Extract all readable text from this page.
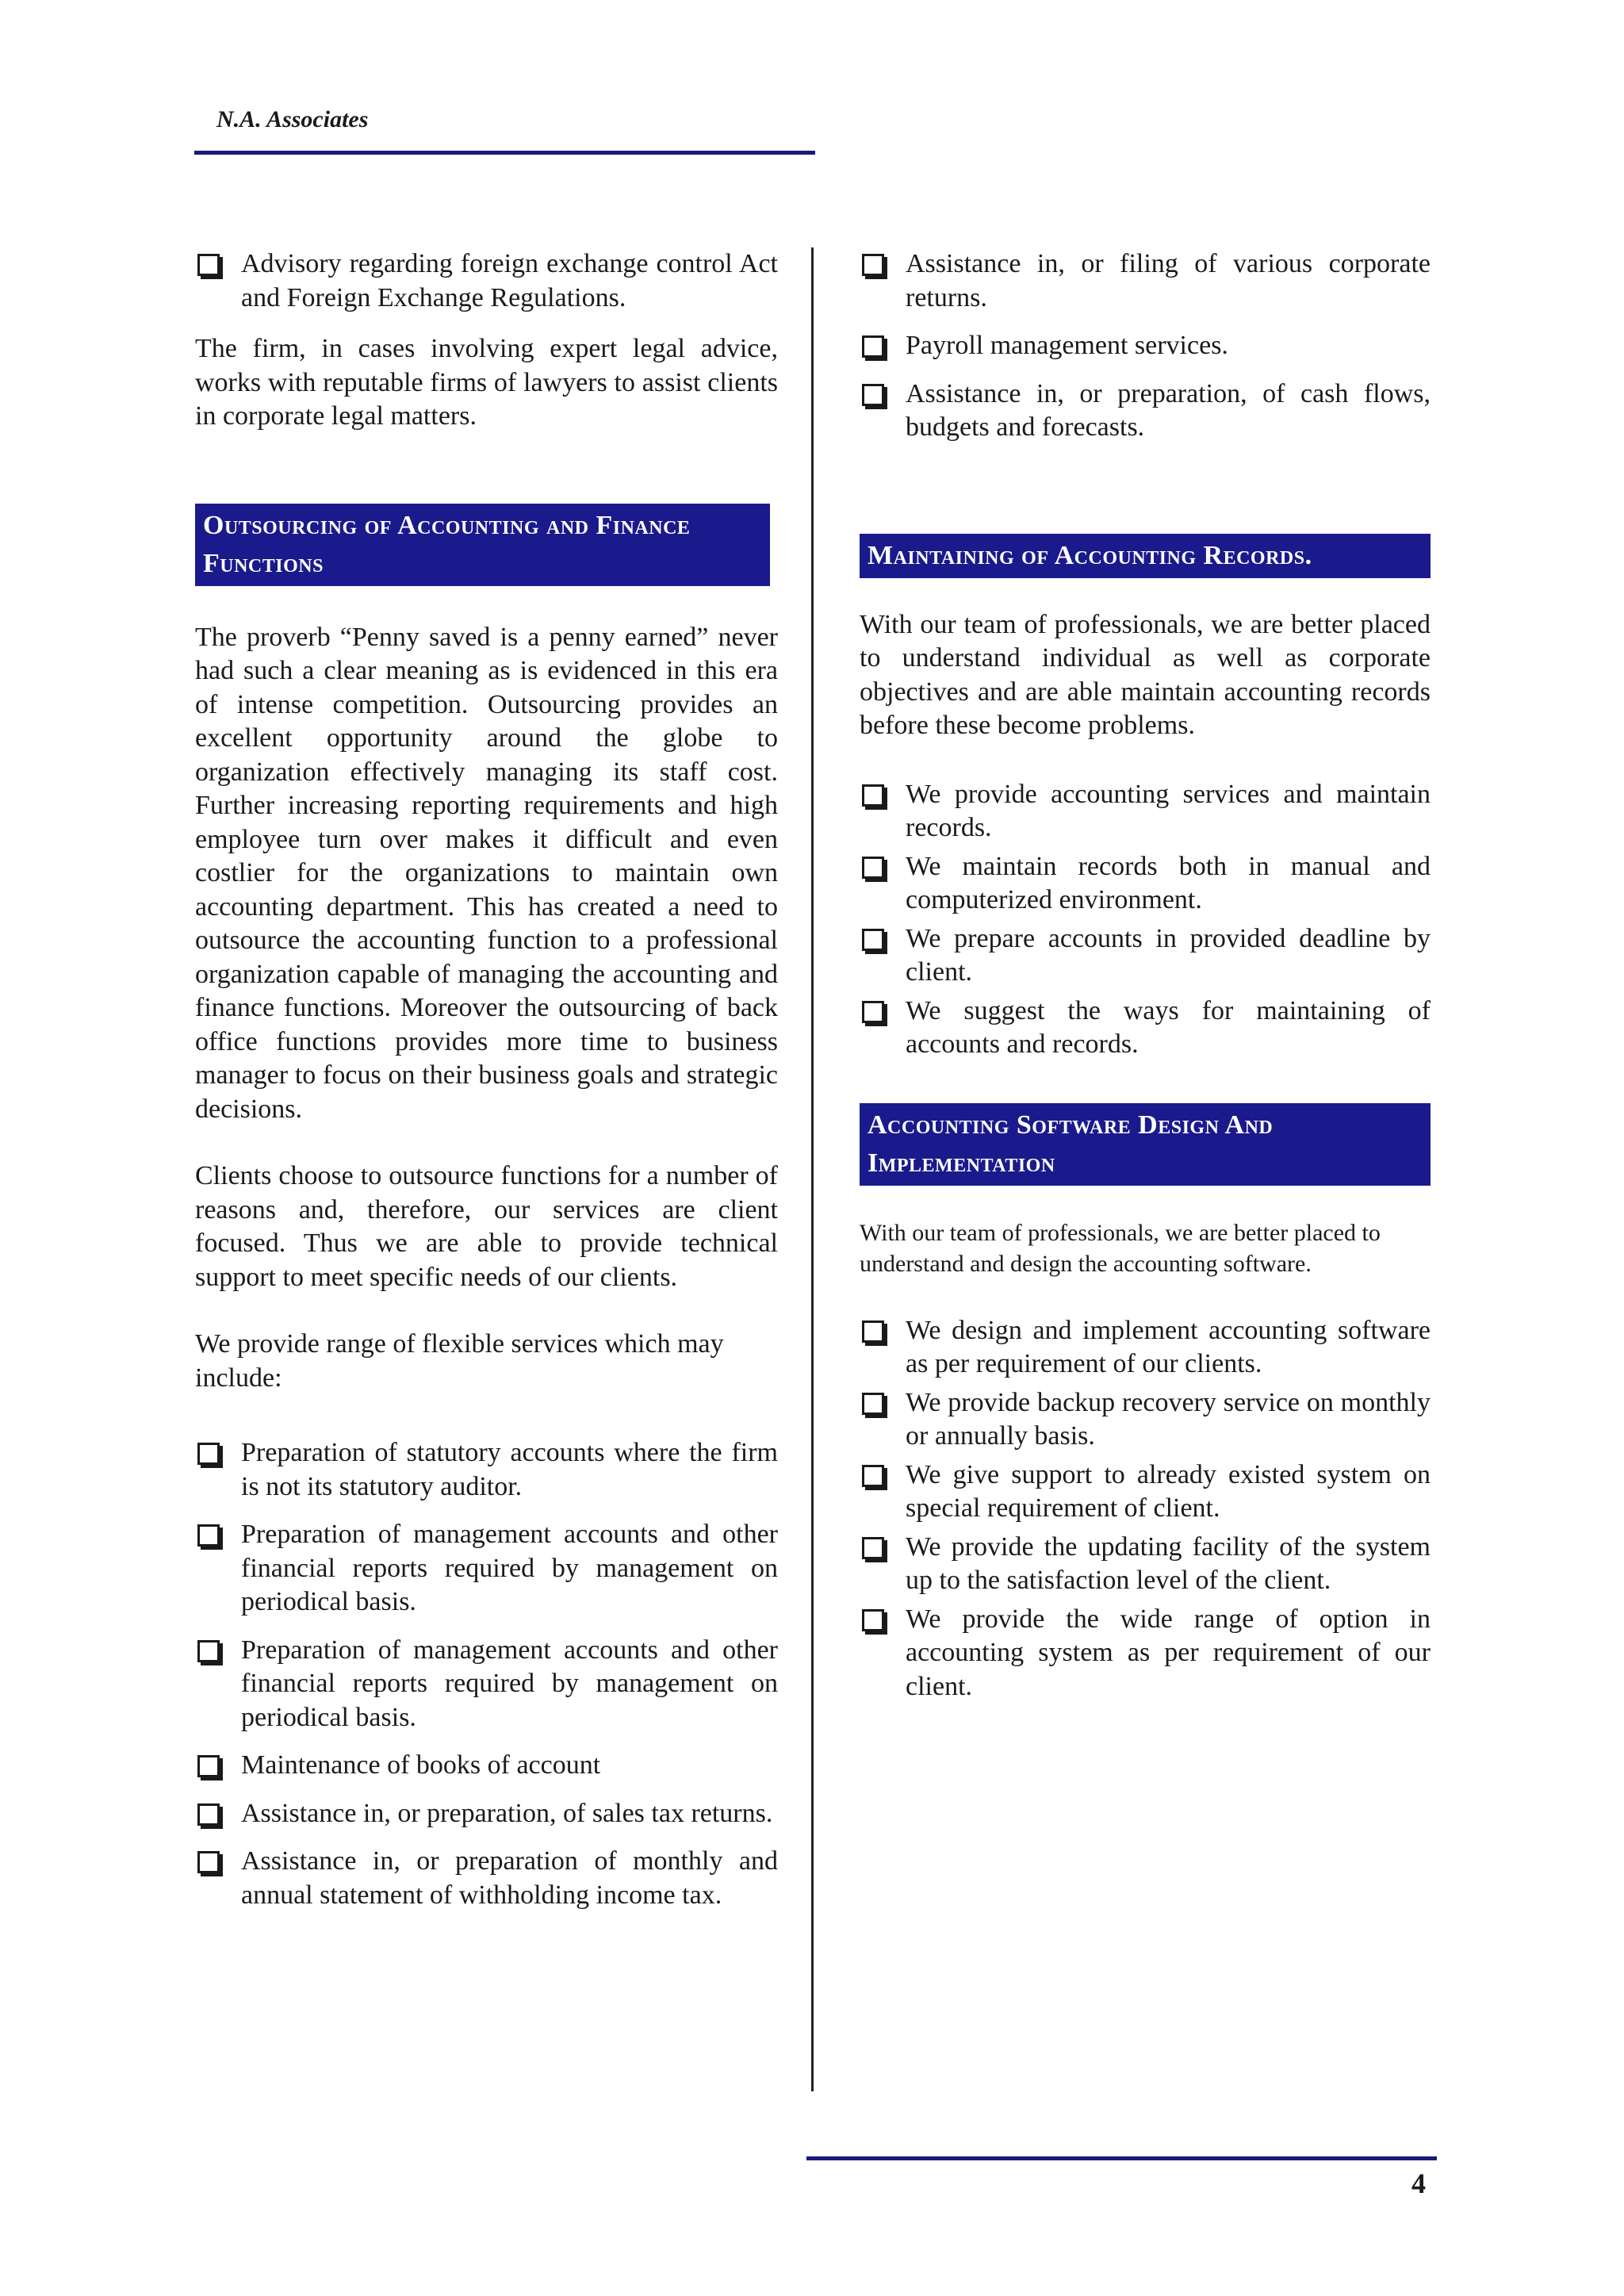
N.A. Associates
Advisory regarding foreign exchange control Act and Foreign Exchange Regulations.

The firm, in cases involving expert legal advice, works with reputable firms of lawyers to assist clients in corporate legal matters.

Outsourcing of Accounting and Finance Functions

The proverb “Penny saved is a penny earned” never had such a clear meaning as is evidenced in this era of intense competition. Outsourcing provides an excellent opportunity around the globe to organization effectively managing its staff cost. Further increasing reporting requirements and high employee turn over makes it difficult and even costlier for the organizations to maintain own accounting department. This has created a need to outsource the accounting function to a professional organization capable of managing the accounting and finance functions. Moreover the outsourcing of back office functions provides more time to business manager to focus on their business goals and strategic decisions.

Clients choose to outsource functions for a number of reasons and, therefore, our services are client focused. Thus we are able to provide technical support to meet specific needs of our clients.

We provide range of flexible services which may include:

Preparation of statutory accounts where the firm is not its statutory auditor.
Preparation of management accounts and other financial reports required by management on periodical basis.
Preparation of management accounts and other financial reports required by management on periodical basis.
Maintenance of books of account
Assistance in, or preparation, of sales tax returns.
Assistance in, or preparation of monthly and annual statement of withholding income tax.
Assistance in, or filing of various corporate returns.
Payroll management services.
Assistance in, or preparation, of cash flows, budgets and forecasts.
Maintaining of Accounting Records.

With our team of professionals, we are better placed to understand individual as well as corporate objectives and are able maintain accounting records before these become problems.

We provide accounting services and maintain records.
We maintain records both in manual and computerized environment.
We prepare accounts in provided deadline by client.
We suggest the ways for maintaining of accounts and records.
Accounting Software Design And Implementation

With our team of professionals, we are better placed to understand and design the accounting software.

We design and implement accounting software as per requirement of our clients.
We provide backup recovery service on monthly or annually basis.
We give support to already existed system on special requirement of client.
We provide the updating facility of the system up to the satisfaction level of the client.
We provide the wide range of option in accounting system as per requirement of our client.
4
